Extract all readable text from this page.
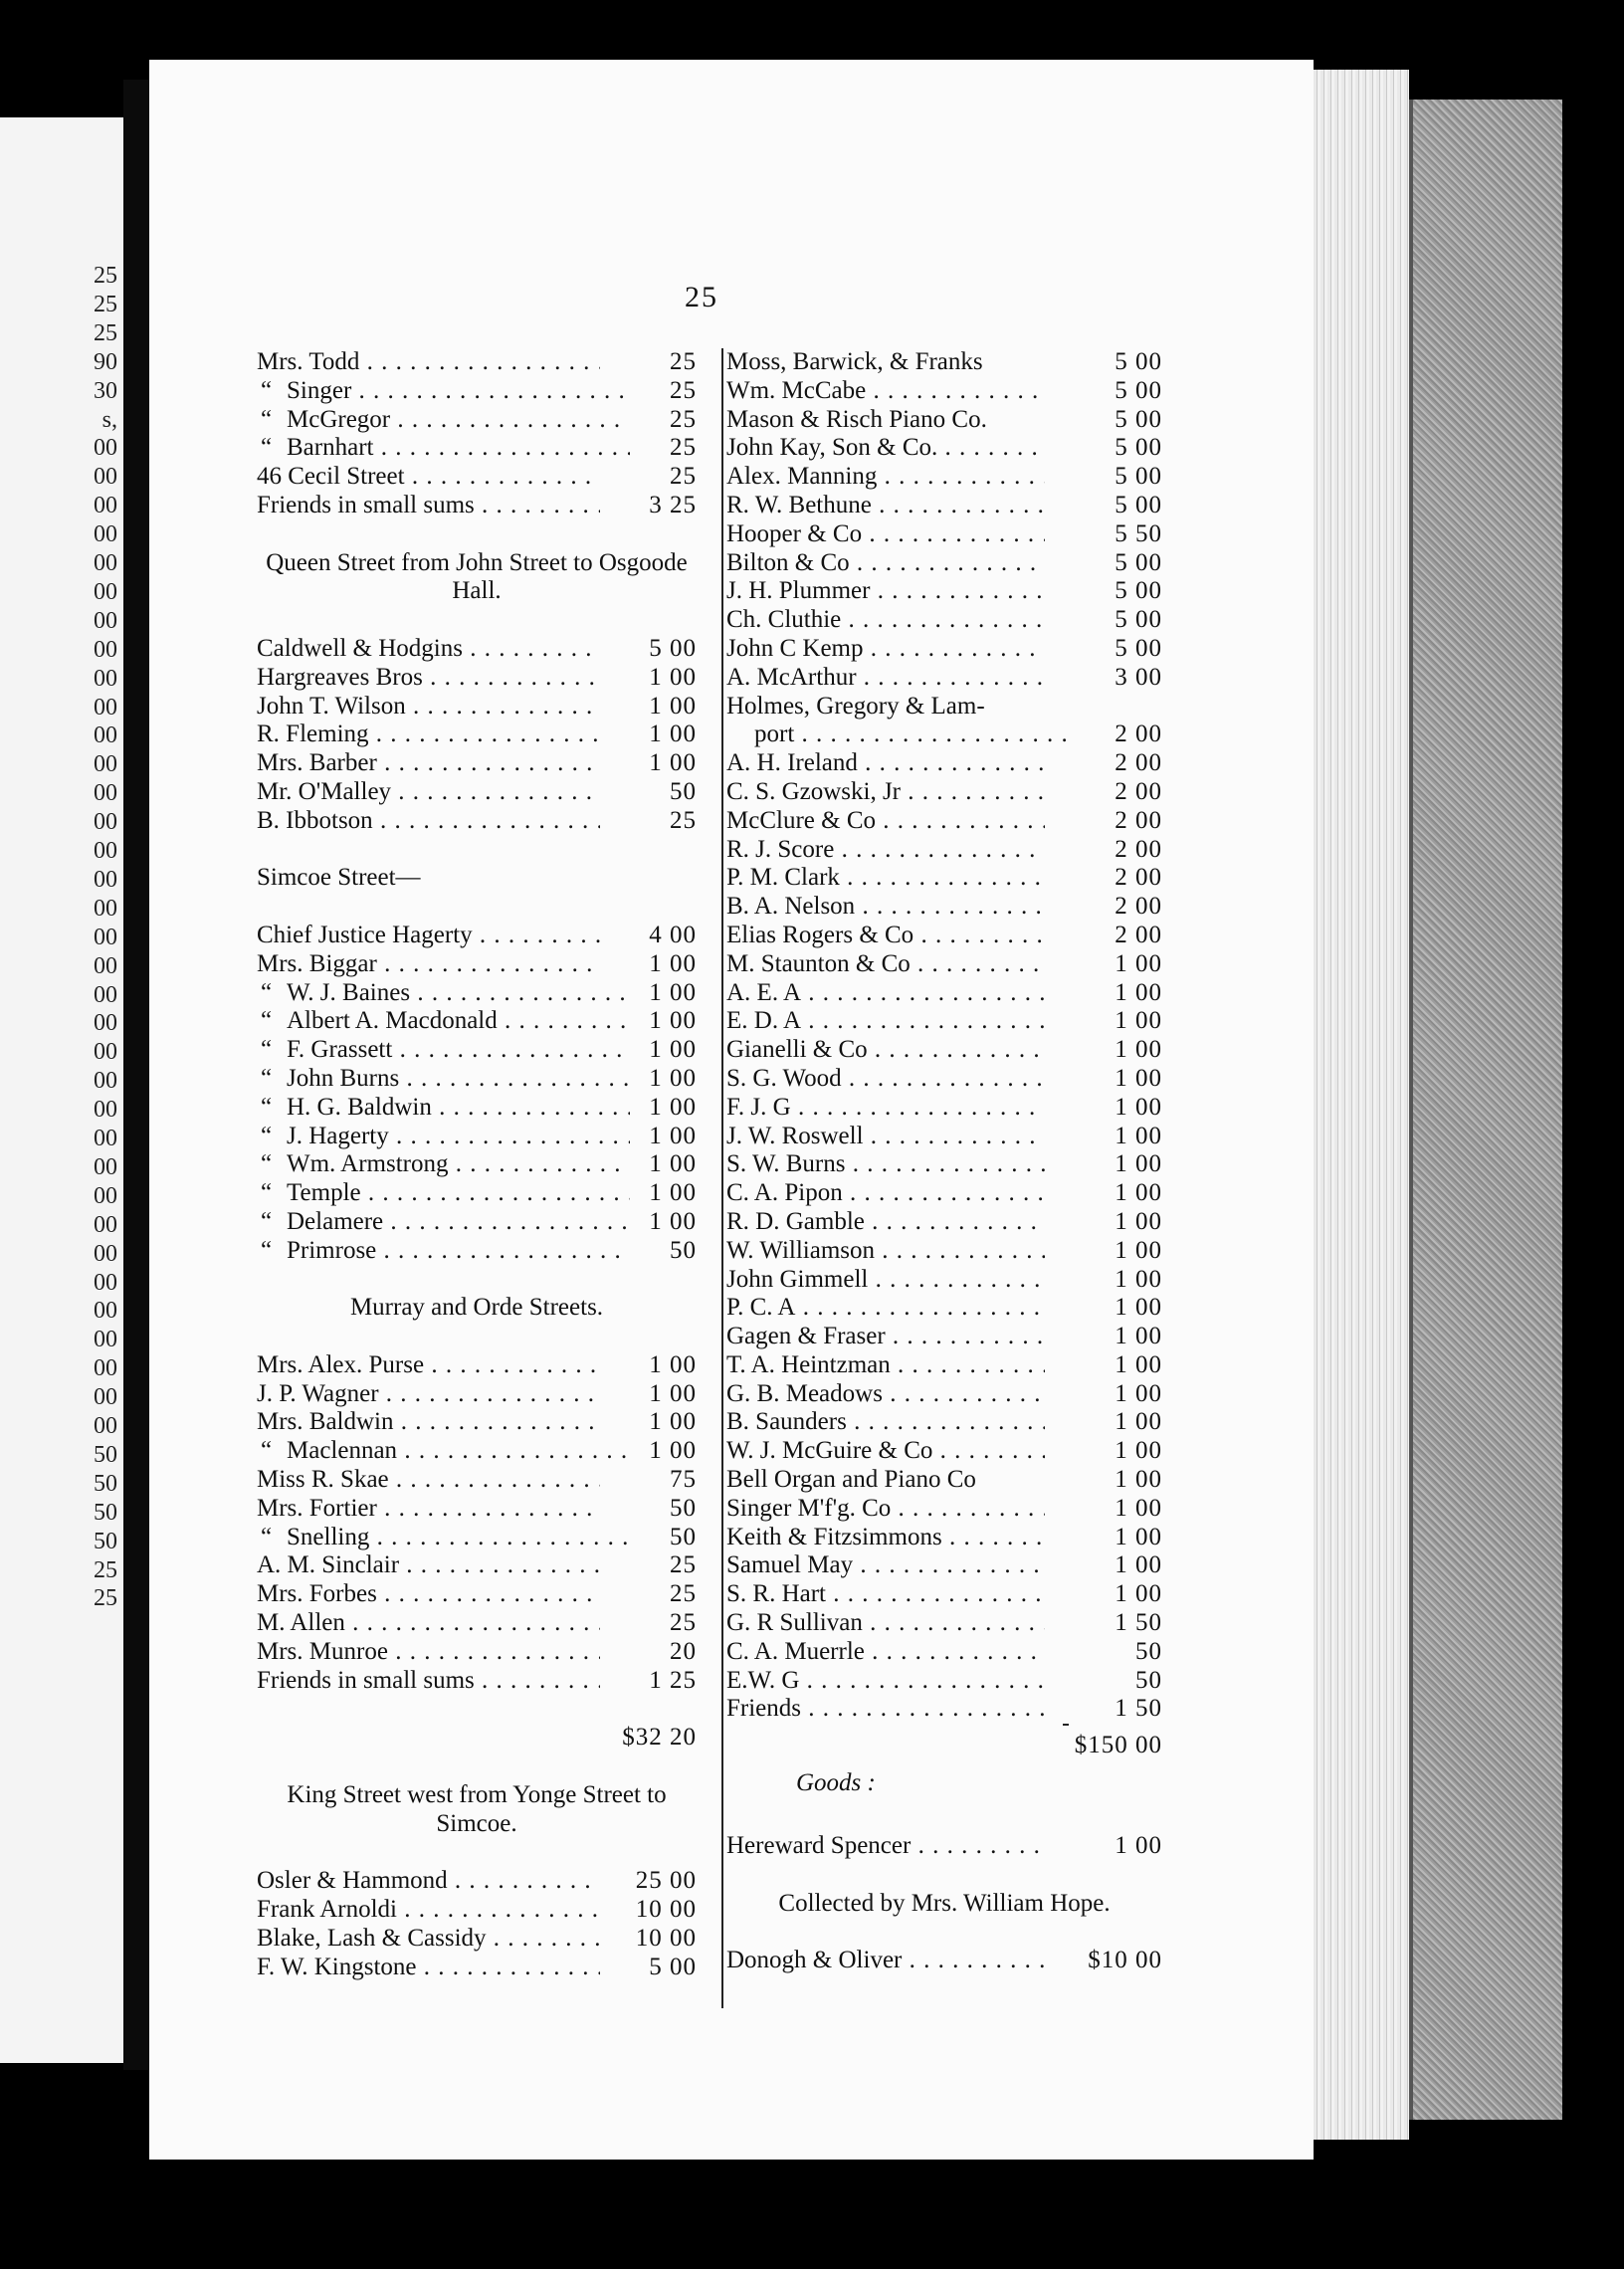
25
25
25
90
30
s,
00
00
00
00
00
00
00
00
00
00
00
00
00
00
00
00
00
00
00
00
00
00
00
00
00
00
00
00
00
00
00
00
00
00
00
50
50
50
50
25
25
25
Mrs. Todd . . .	25
“ Singer . . .	25
“ McGregor . . .	25
“ Barnhart . . .	25
46 Cecil Street . . .	25
Friends in small sums . . .	3 25
Queen Street from John Street to Osgoode Hall.
Caldwell & Hodgins . . .	5 00
Hargreaves Bros . . .	1 00
John T. Wilson . . .	1 00
R. Fleming . . .	1 00
Mrs. Barber . . .	1 00
Mr. O'Malley . . .	50
B. Ibbotson . . .	25
Simcoe Street—
Chief Justice Hagerty . . .	4 00
Mrs. Biggar . . .	1 00
“ W. J. Baines . . .	1 00
“ Albert A. Macdonald . . .	1 00
“ F. Grassett . . .	1 00
“ John Burns . . .	1 00
“ H. G. Baldwin . . .	1 00
“ J. Hagerty . . .	1 00
“ Wm. Armstrong . . .	1 00
“ Temple . . .	1 00
“ Delamere . . .	1 00
“ Primrose . . .	50
Murray and Orde Streets.
Mrs. Alex. Purse . . .	1 00
J. P. Wagner . . .	1 00
Mrs. Baldwin . . .	1 00
“ Maclennan . . .	1 00
Miss R. Skae . . .	75
Mrs. Fortier . . .	50
“ Snelling . . .	50
A. M. Sinclair . . .	25
Mrs. Forbes . . .	25
M. Allen . . .	25
Mrs. Munroe . . .	20
Friends in small sums . . .	1 25
$32 20
King Street west from Yonge Street to Simcoe.
Osler & Hammond . . .	25 00
Frank Arnoldi . . .	10 00
Blake, Lash & Cassidy . . .	10 00
F. W. Kingstone . . .	5 00
Moss, Barwick, & Franks	5 00
Wm. McCabe . . .	5 00
Mason & Risch Piano Co.	5 00
John Kay, Son & Co. . . .	5 00
Alex. Manning . . .	5 00
R. W. Bethune . . .	5 00
Hooper & Co . . .	5 50
Bilton & Co . . .	5 00
J. H. Plummer . . .	5 00
Ch. Cluthie . . .	5 00
John C Kemp . . .	5 00
A. McArthur . . .	3 00
Holmes, Gregory & Lam-
port . . .	2 00
A. H. Ireland . . .	2 00
C. S. Gzowski, Jr . . .	2 00
McClure & Co . . .	2 00
R. J. Score . . .	2 00
P. M. Clark . . .	2 00
B. A. Nelson . . .	2 00
Elias Rogers & Co . . .	2 00
M. Staunton & Co . . .	1 00
A. E. A . . .	1 00
E. D. A . . .	1 00
Gianelli & Co . . .	1 00
S. G. Wood . . .	1 00
F. J. G . . .	1 00
J. W. Roswell . . .	1 00
S. W. Burns . . .	1 00
C. A. Pipon . . .	1 00
R. D. Gamble . . .	1 00
W. Williamson . . .	1 00
John Gimmell . . .	1 00
P. C. A . . .	1 00
Gagen & Fraser . . .	1 00
T. A. Heintzman . . .	1 00
G. B. Meadows . . .	1 00
B. Saunders . . .	1 00
W. J. McGuire & Co . . .	1 00
Bell Organ and Piano Co	1 00
Singer M'f'g. Co . . .	1 00
Keith & Fitzsimmons . . .	1 00
Samuel May . . .	1 00
S. R. Hart . . .	1 00
G. R Sullivan . . .	1 50
C. A. Muerrle . . .	50
E.W. G . . .	50
Friends . . .	1 50
$150 00
Goods :
Hereward Spencer . . .	1 00
Collected by Mrs. William Hope.
Donogh & Oliver . . .	$10 00
